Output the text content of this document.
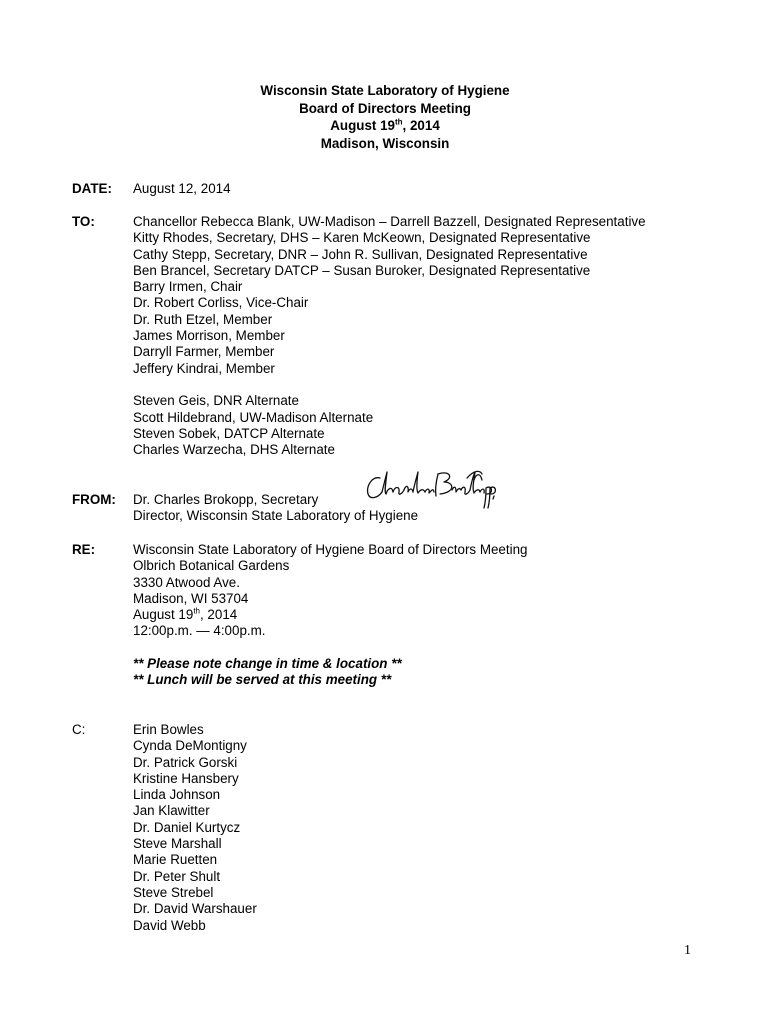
Wisconsin State Laboratory of Hygiene
Board of Directors Meeting
August 19th, 2014
Madison, Wisconsin
DATE: August 12, 2014
TO:	Chancellor Rebecca Blank, UW-Madison – Darrell Bazzell, Designated Representative
Kitty Rhodes, Secretary, DHS – Karen McKeown, Designated Representative
Cathy Stepp, Secretary, DNR – John R. Sullivan, Designated Representative
Ben Brancel, Secretary DATCP – Susan Buroker, Designated Representative
Barry Irmen, Chair
Dr. Robert Corliss, Vice-Chair
Dr. Ruth Etzel, Member
James Morrison, Member
Darryll Farmer, Member
Jeffery Kindrai, Member
Steven Geis, DNR Alternate
Scott Hildebrand, UW-Madison Alternate
Steven Sobek, DATCP Alternate
Charles Warzecha, DHS Alternate
FROM: Dr. Charles Brokopp, Secretary
Director, Wisconsin State Laboratory of Hygiene
RE:	Wisconsin State Laboratory of Hygiene Board of Directors Meeting
Olbrich Botanical Gardens
3330 Atwood Ave.
Madison, WI 53704
August 19th, 2014
12:00p.m. — 4:00p.m.
** Please note change in time & location **
** Lunch will be served at this meeting **
C:	Erin Bowles
Cynda DeMontigny
Dr. Patrick Gorski
Kristine Hansbery
Linda Johnson
Jan Klawitter
Dr. Daniel Kurtycz
Steve Marshall
Marie Ruetten
Dr. Peter Shult
Steve Strebel
Dr. David Warshauer
David Webb
1
